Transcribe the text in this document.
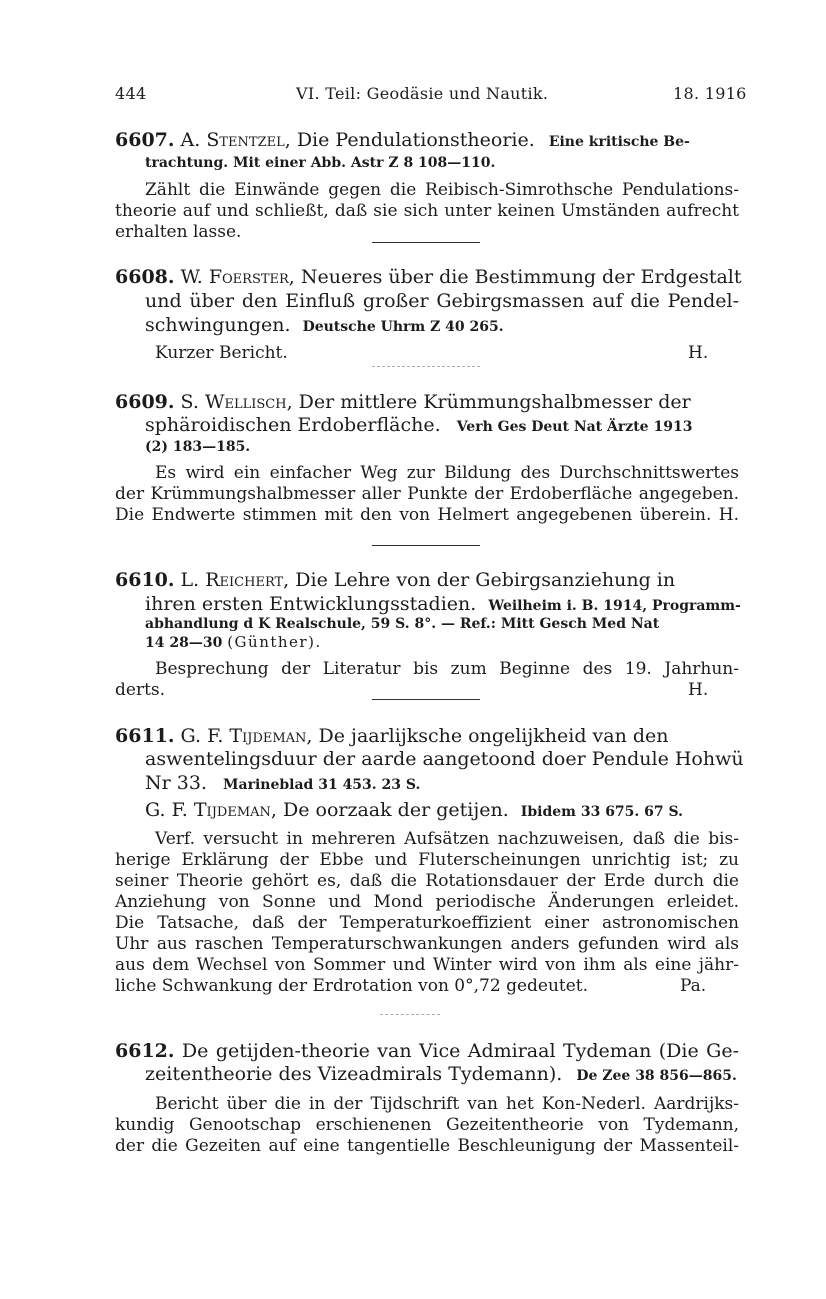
444	VI. Teil: Geodäsie und Nautik.	18. 1916
6607. A. Stentzel, Die Pendulationstheorie. Eine kritische Be-
trachtung. Mit einer Abb. Astr Z 8 108—110.
Zählt die Einwände gegen die Reibisch-Simrothsche Pendulations-
theorie auf und schließt, daß sie sich unter keinen Umständen aufrecht
erhalten lasse.
6608. W. Foerster, Neueres über die Bestimmung der Erdgestalt
und über den Einfluß großer Gebirgsmassen auf die Pendel-
schwingungen. Deutsche Uhrm Z 40 265.
Kurzer Bericht.	H.
6609. S. Wellisch, Der mittlere Krümmungshalbmesser der
sphäroidischen Erdoberfläche. Verh Ges Deut Nat Ärzte 1913
(2) 183—185.
Es wird ein einfacher Weg zur Bildung des Durchschnittswertes
der Krümmungshalbmesser aller Punkte der Erdoberfläche angegeben.
Die Endwerte stimmen mit den von Helmert angegebenen überein. H.
6610. L. Reichert, Die Lehre von der Gebirgsanziehung in
ihren ersten Entwicklungsstadien. Weilheim i. B. 1914, Programm-
abhandlung d K Realschule, 59 S. 8°. — Ref.: Mitt Gesch Med Nat
14 28—30 (Günther).
Besprechung der Literatur bis zum Beginne des 19. Jahrhun-
derts.	H.
6611. G. F. Tijdeman, De jaarlijksche ongelijkheid van den
aswentelingsduur der aarde aangetoond doer Pendule Hohwü
Nr 33. Marineblad 31 453. 23 S.
G. F. Tijdeman, De oorzaak der getijen. Ibidem 33 675. 67 S.
Verf. versucht in mehreren Aufsätzen nachzuweisen, daß die bis-
herige Erklärung der Ebbe und Fluterscheinungen unrichtig ist; zu
seiner Theorie gehört es, daß die Rotationsdauer der Erde durch die
Anziehung von Sonne und Mond periodische Änderungen erleidet.
Die Tatsache, daß der Temperaturkoeffizient einer astronomischen
Uhr aus raschen Temperaturschwankungen anders gefunden wird als
aus dem Wechsel von Sommer und Winter wird von ihm als eine jähr-
liche Schwankung der Erdrotation von 0°,72 gedeutet.	Pa.
6612. De getijden-theorie van Vice Admiraal Tydeman (Die Ge-
zeitentheorie des Vizeadmirals Tydemann). De Zee 38 856—865.
Bericht über die in der Tijdschrift van het Kon-Nederl. Aardrijks-
kundig Genootschap erschienenen Gezeitentheorie von Tydemann,
der die Gezeiten auf eine tangentielle Beschleunigung der Massenteil-
